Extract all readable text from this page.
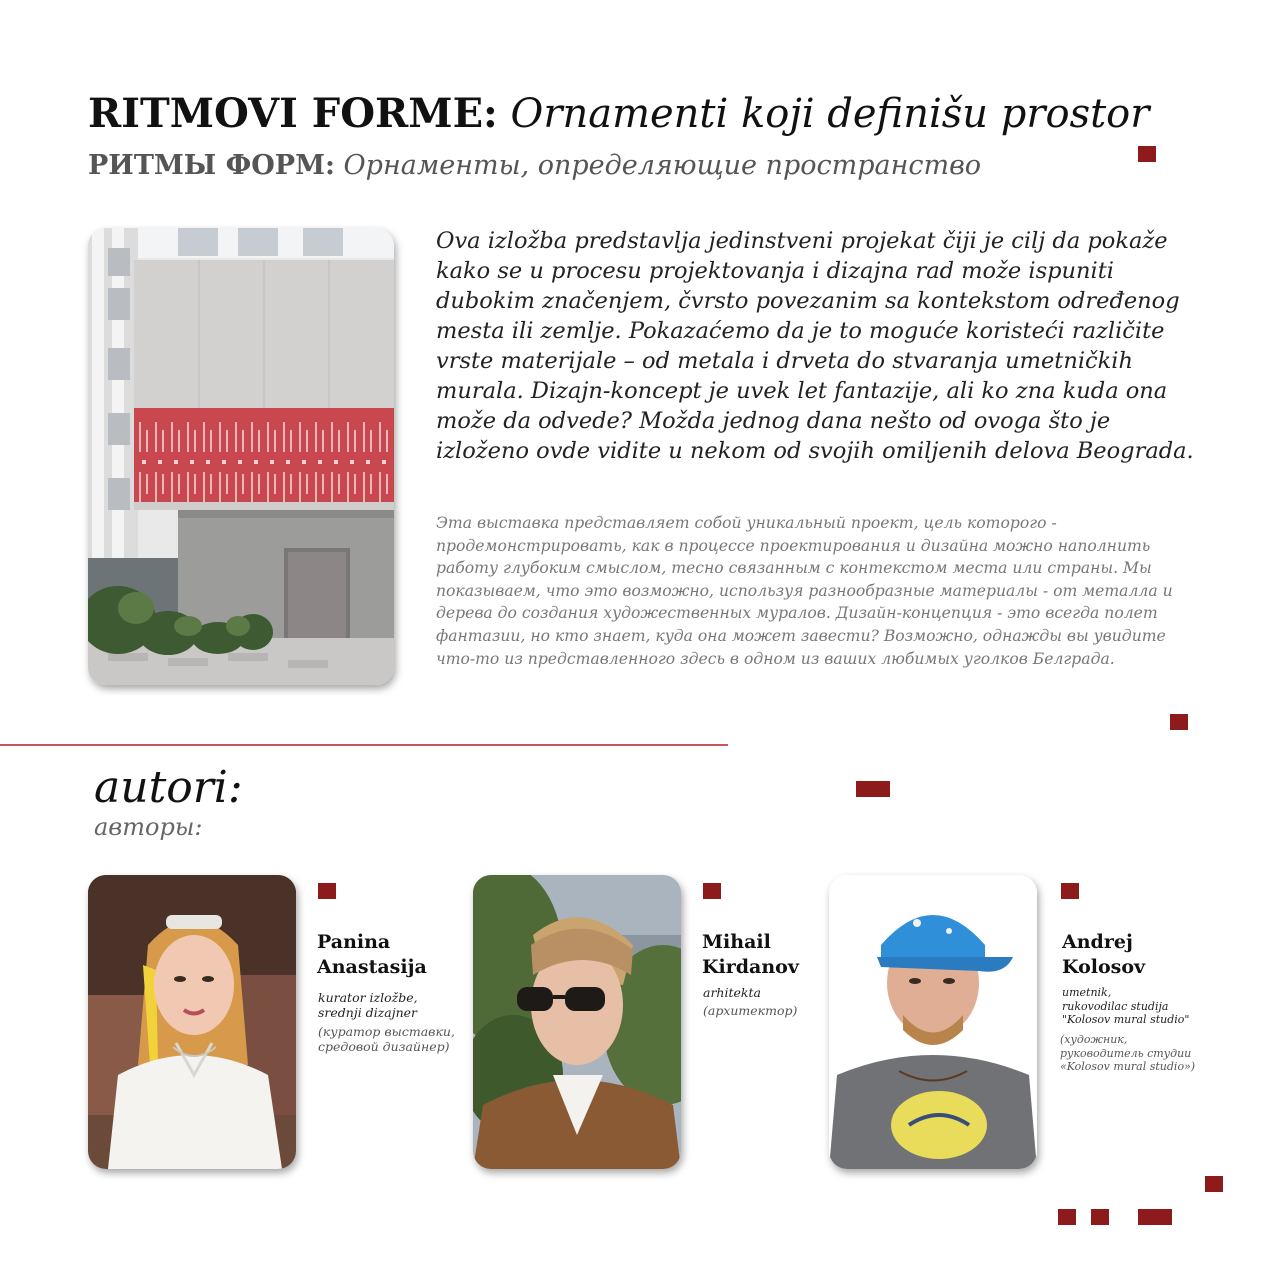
RITMOVI FORME: Ornamenti koji definišu prostor
РИТМЫ ФОРМ: Орнаменты, определяющие пространство

Ova izložba predstavlja jedinstveni projekat čiji je cilj da pokaže kako se u procesu projektovanja i dizajna rad može ispuniti dubokim značenjem, čvrsto povezanim sa kontekstom određenog mesta ili zemlje. Pokazaćemo da je to moguće koristeći različite vrste materijale – od metala i drveta do stvaranja umetničkih murala. Dizajn-koncept je uvek let fantazije, ali ko zna kuda ona može da odvede? Možda jednog dana nešto od ovoga što je izloženo ovde vidite u nekom od svojih omiljenih delova Beograda.

Эта выставка представляет собой уникальный проект, цель которого - продемонстрировать, как в процессе проектирования и дизайна можно наполнить работу глубоким смыслом, тесно связанным с контекстом места или страны. Мы показываем, что это возможно, используя разнообразные материалы - от металла и дерева до создания художественных муралов. Дизайн-концепция - это всегда полет фантазии, но кто знает, куда она может завести? Возможно, однажды вы увидите что-то из представленного здесь в одном из ваших любимых уголков Белграда.

autori:
авторы:
Panina
Anastasija
kurator izložbe,
srednji dizajner
(куратор выставки,
средовой дизайнер)
Mihail
Kirdanov
arhitekta
(архитектор)
Andrej
Kolosov
umetnik,
rukovodilac studija
"Kolosov mural studio"
(художник,
руководитель студии
«Kolosov mural studio»)
